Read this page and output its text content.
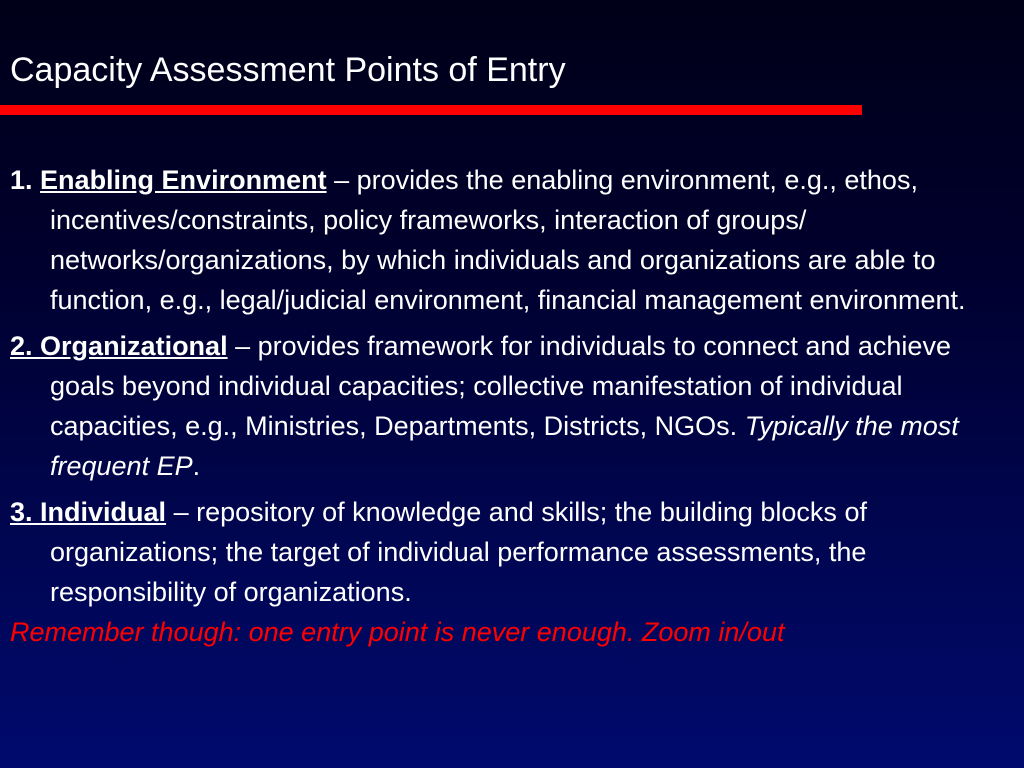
Capacity Assessment Points of Entry
1. Enabling Environment – provides the enabling environment, e.g., ethos, incentives/constraints, policy frameworks, interaction of groups/ networks/organizations, by which individuals and organizations are able to function, e.g., legal/judicial environment, financial management environment.
2. Organizational – provides framework for individuals to connect and achieve goals beyond individual capacities; collective manifestation of individual capacities, e.g., Ministries, Departments, Districts, NGOs. Typically the most frequent EP.
3. Individual – repository of knowledge and skills; the building blocks of organizations; the target of individual performance assessments, the responsibility of organizations.
Remember though: one entry point is never enough. Zoom in/out
